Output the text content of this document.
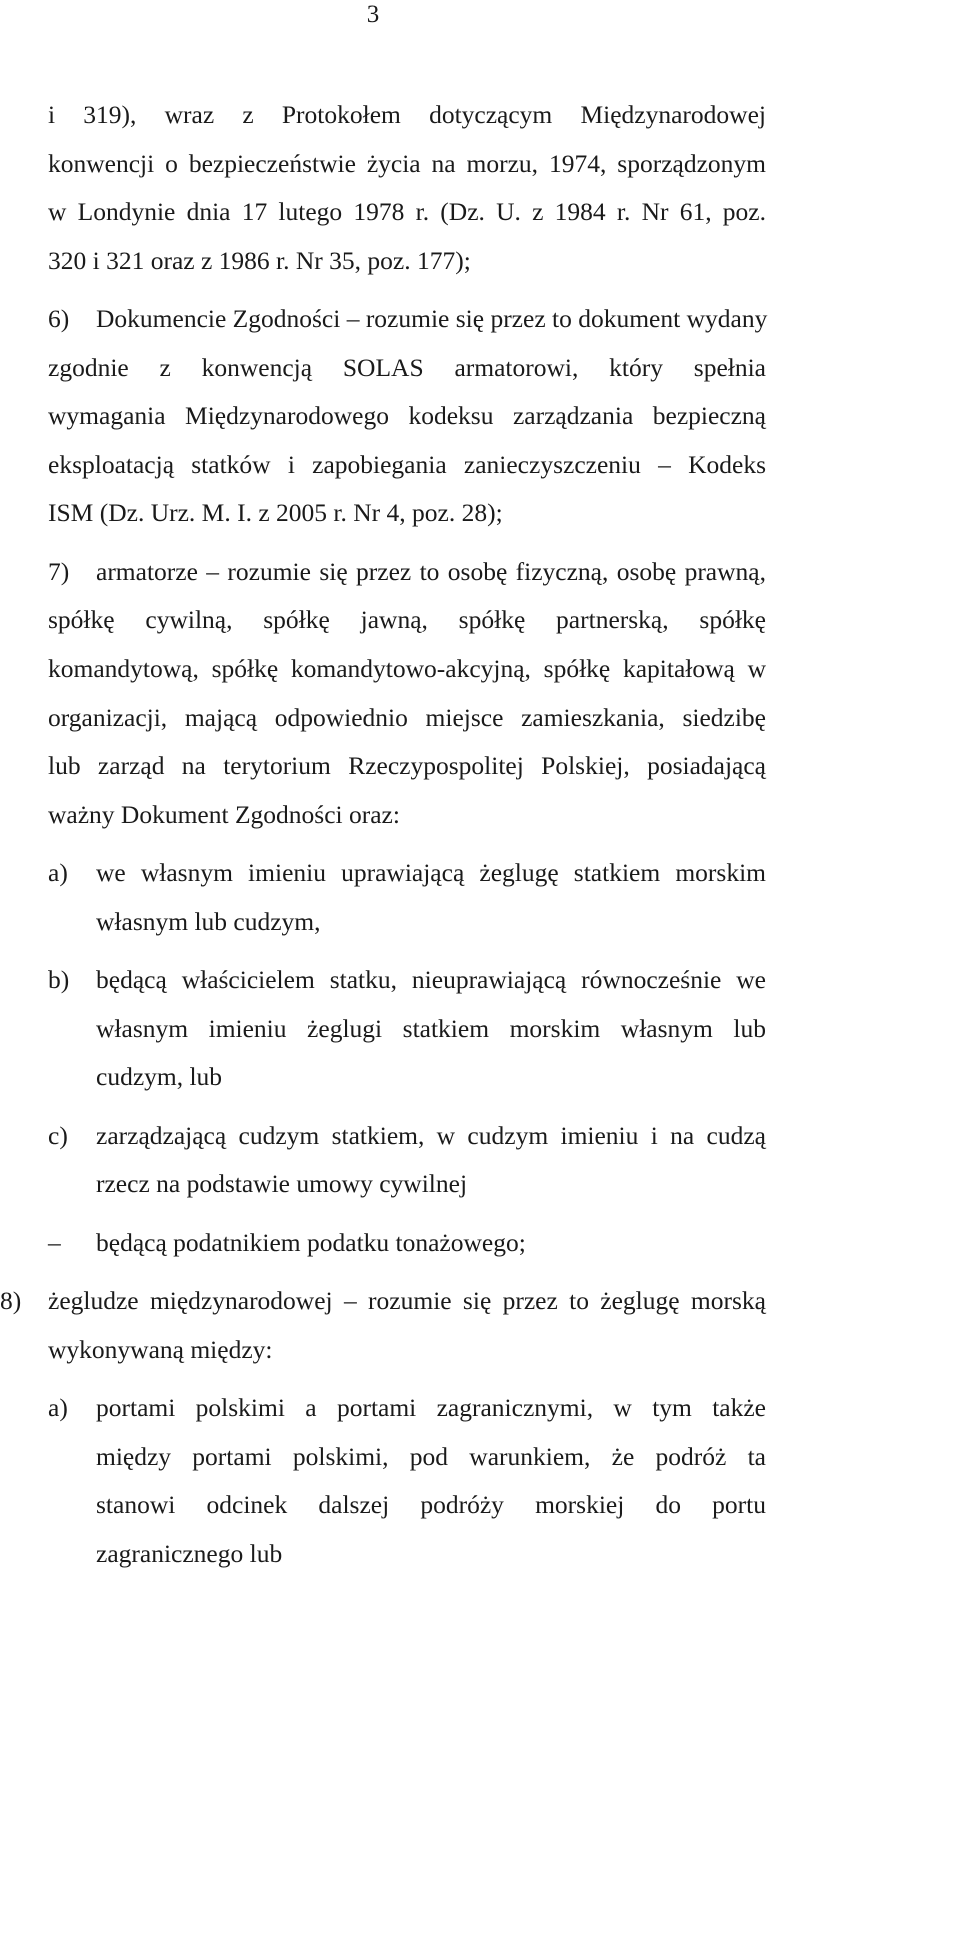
3

i 319), wraz z Protokołem dotyczącym Międzynarodowej

konwencji o bezpieczeństwie życia na morzu, 1974, sporządzonym

w Londynie dnia 17 lutego 1978 r. (Dz. U. z 1984 r. Nr 61, poz.

320 i 321 oraz z 1986 r. Nr 35, poz. 177);

6) Dokumencie Zgodności – rozumie się przez to dokument wydany

zgodnie z konwencją SOLAS armatorowi, który spełnia

wymagania Międzynarodowego kodeksu zarządzania bezpieczną

eksploatacją statków i zapobiegania zanieczyszczeniu – Kodeks

ISM (Dz. Urz. M. I. z 2005 r. Nr 4, poz. 28);

7) armatorze – rozumie się przez to osobę fizyczną, osobę prawną,

spółkę cywilną, spółkę jawną, spółkę partnerską, spółkę

komandytową, spółkę komandytowo-akcyjną, spółkę kapitałową w

organizacji, mającą odpowiednio miejsce zamieszkania, siedzibę

lub zarząd na terytorium Rzeczypospolitej Polskiej, posiadającą

ważny Dokument Zgodności oraz:

a) we własnym imieniu uprawiającą żeglugę statkiem morskim

własnym lub cudzym,

b) będącą właścicielem statku, nieuprawiającą równocześnie we

własnym imieniu żeglugi statkiem morskim własnym lub

cudzym, lub

c) zarządzającą cudzym statkiem, w cudzym imieniu i na cudzą

rzecz na podstawie umowy cywilnej

– będącą podatnikiem podatku tonażowego;

8) żegludze międzynarodowej – rozumie się przez to żeglugę morską

wykonywaną między:

a) portami polskimi a portami zagranicznymi, w tym także

między portami polskimi, pod warunkiem, że podróż ta

stanowi odcinek dalszej podróży morskiej do portu

zagranicznego lub
